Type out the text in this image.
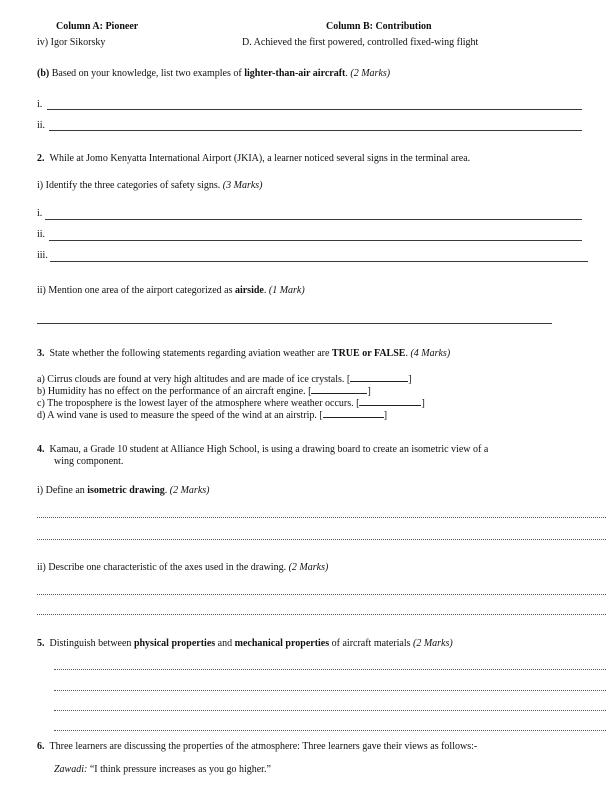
Column A: Pioneer	Column B: Contribution
iv) Igor Sikorsky	D. Achieved the first powered, controlled fixed-wing flight
(b) Based on your knowledge, list two examples of lighter-than-air aircraft. (2 Marks)
i.
ii.
2. While at Jomo Kenyatta International Airport (JKIA), a learner noticed several signs in the terminal area.
i) Identify the three categories of safety signs. (3 Marks)
i.
ii.
iii.
ii) Mention one area of the airport categorized as airside. (1 Mark)
3. State whether the following statements regarding aviation weather are TRUE or FALSE. (4 Marks)
a) Cirrus clouds are found at very high altitudes and are made of ice crystals. [	]
b) Humidity has no effect on the performance of an aircraft engine. [	]
c) The troposphere is the lowest layer of the atmosphere where weather occurs. [	]
d) A wind vane is used to measure the speed of the wind at an airstrip. [	]
4. Kamau, a Grade 10 student at Alliance High School, is using a drawing board to create an isometric view of a
wing component.
i) Define an isometric drawing. (2 Marks)
ii) Describe one characteristic of the axes used in the drawing. (2 Marks)
5. Distinguish between physical properties and mechanical properties of aircraft materials (2 Marks)
6. Three learners are discussing the properties of the atmosphere: Three learners gave their views as follows:-
Zawadi: “I think pressure increases as you go higher.”
